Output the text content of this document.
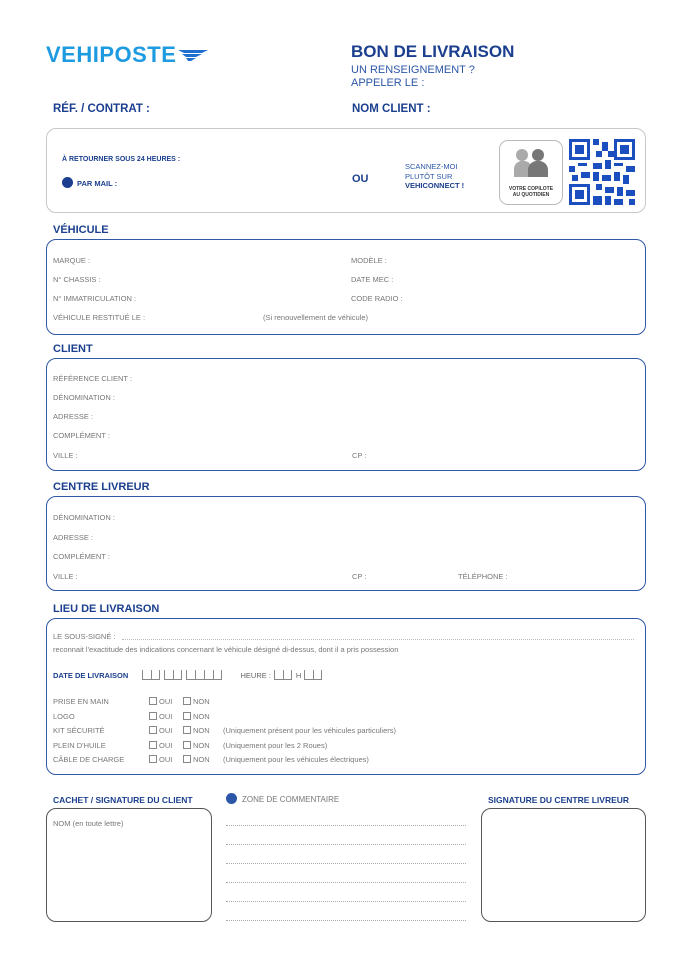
VEHIPOSTE	BON DE LIVRAISON
UN RENSEIGNEMENT ?
APPELER LE :
RÉF. / CONTRAT :	NOM CLIENT :
À RETOURNER SOUS 24 HEURES :
PAR MAIL :	OU
SCANNEZ-MOI
PLUTÔT SUR
VEHICONNECT !	VOTRE COPILOTE
AU QUOTIDIEN
VÉHICULE
MARQUE :	MODÈLE :
N° CHASSIS :	DATE MEC :
N° IMMATRICULATION :	CODE RADIO :
VÉHICULE RESTITUÉ LE :	(Si renouvellement de véhicule)
CLIENT
RÉFÉRENCE CLIENT :
DÉNOMINATION :
ADRESSE :
COMPLÉMENT :
VILLE :	CP :
CENTRE LIVREUR
DÉNOMINATION :
ADRESSE :
COMPLÉMENT :
VILLE :	CP :	TÉLÉPHONE :
LIEU DE LIVRAISON
LE SOUS-SIGNÉ :
reconnait l'exactitude des indications concernant le véhicule désigné di-dessus, dont il a pris possession
DATE DE LIVRAISON	HEURE :	H
PRISE EN MAIN	OUI	NON
LOGO	OUI	NON
KIT SÉCURITÉ	OUI	NON (Uniquement présent pour les véhicules particuliers)
PLEIN D'HUILE	OUI	NON (Uniquement pour les 2 Roues)
CÂBLE DE CHARGE	OUI	NON (Uniquement pour les véhicules électriques)
CACHET / SIGNATURE DU CLIENT	ZONE DE COMMENTAIRE	SIGNATURE DU CENTRE LIVREUR
NOM (en toute lettre)
